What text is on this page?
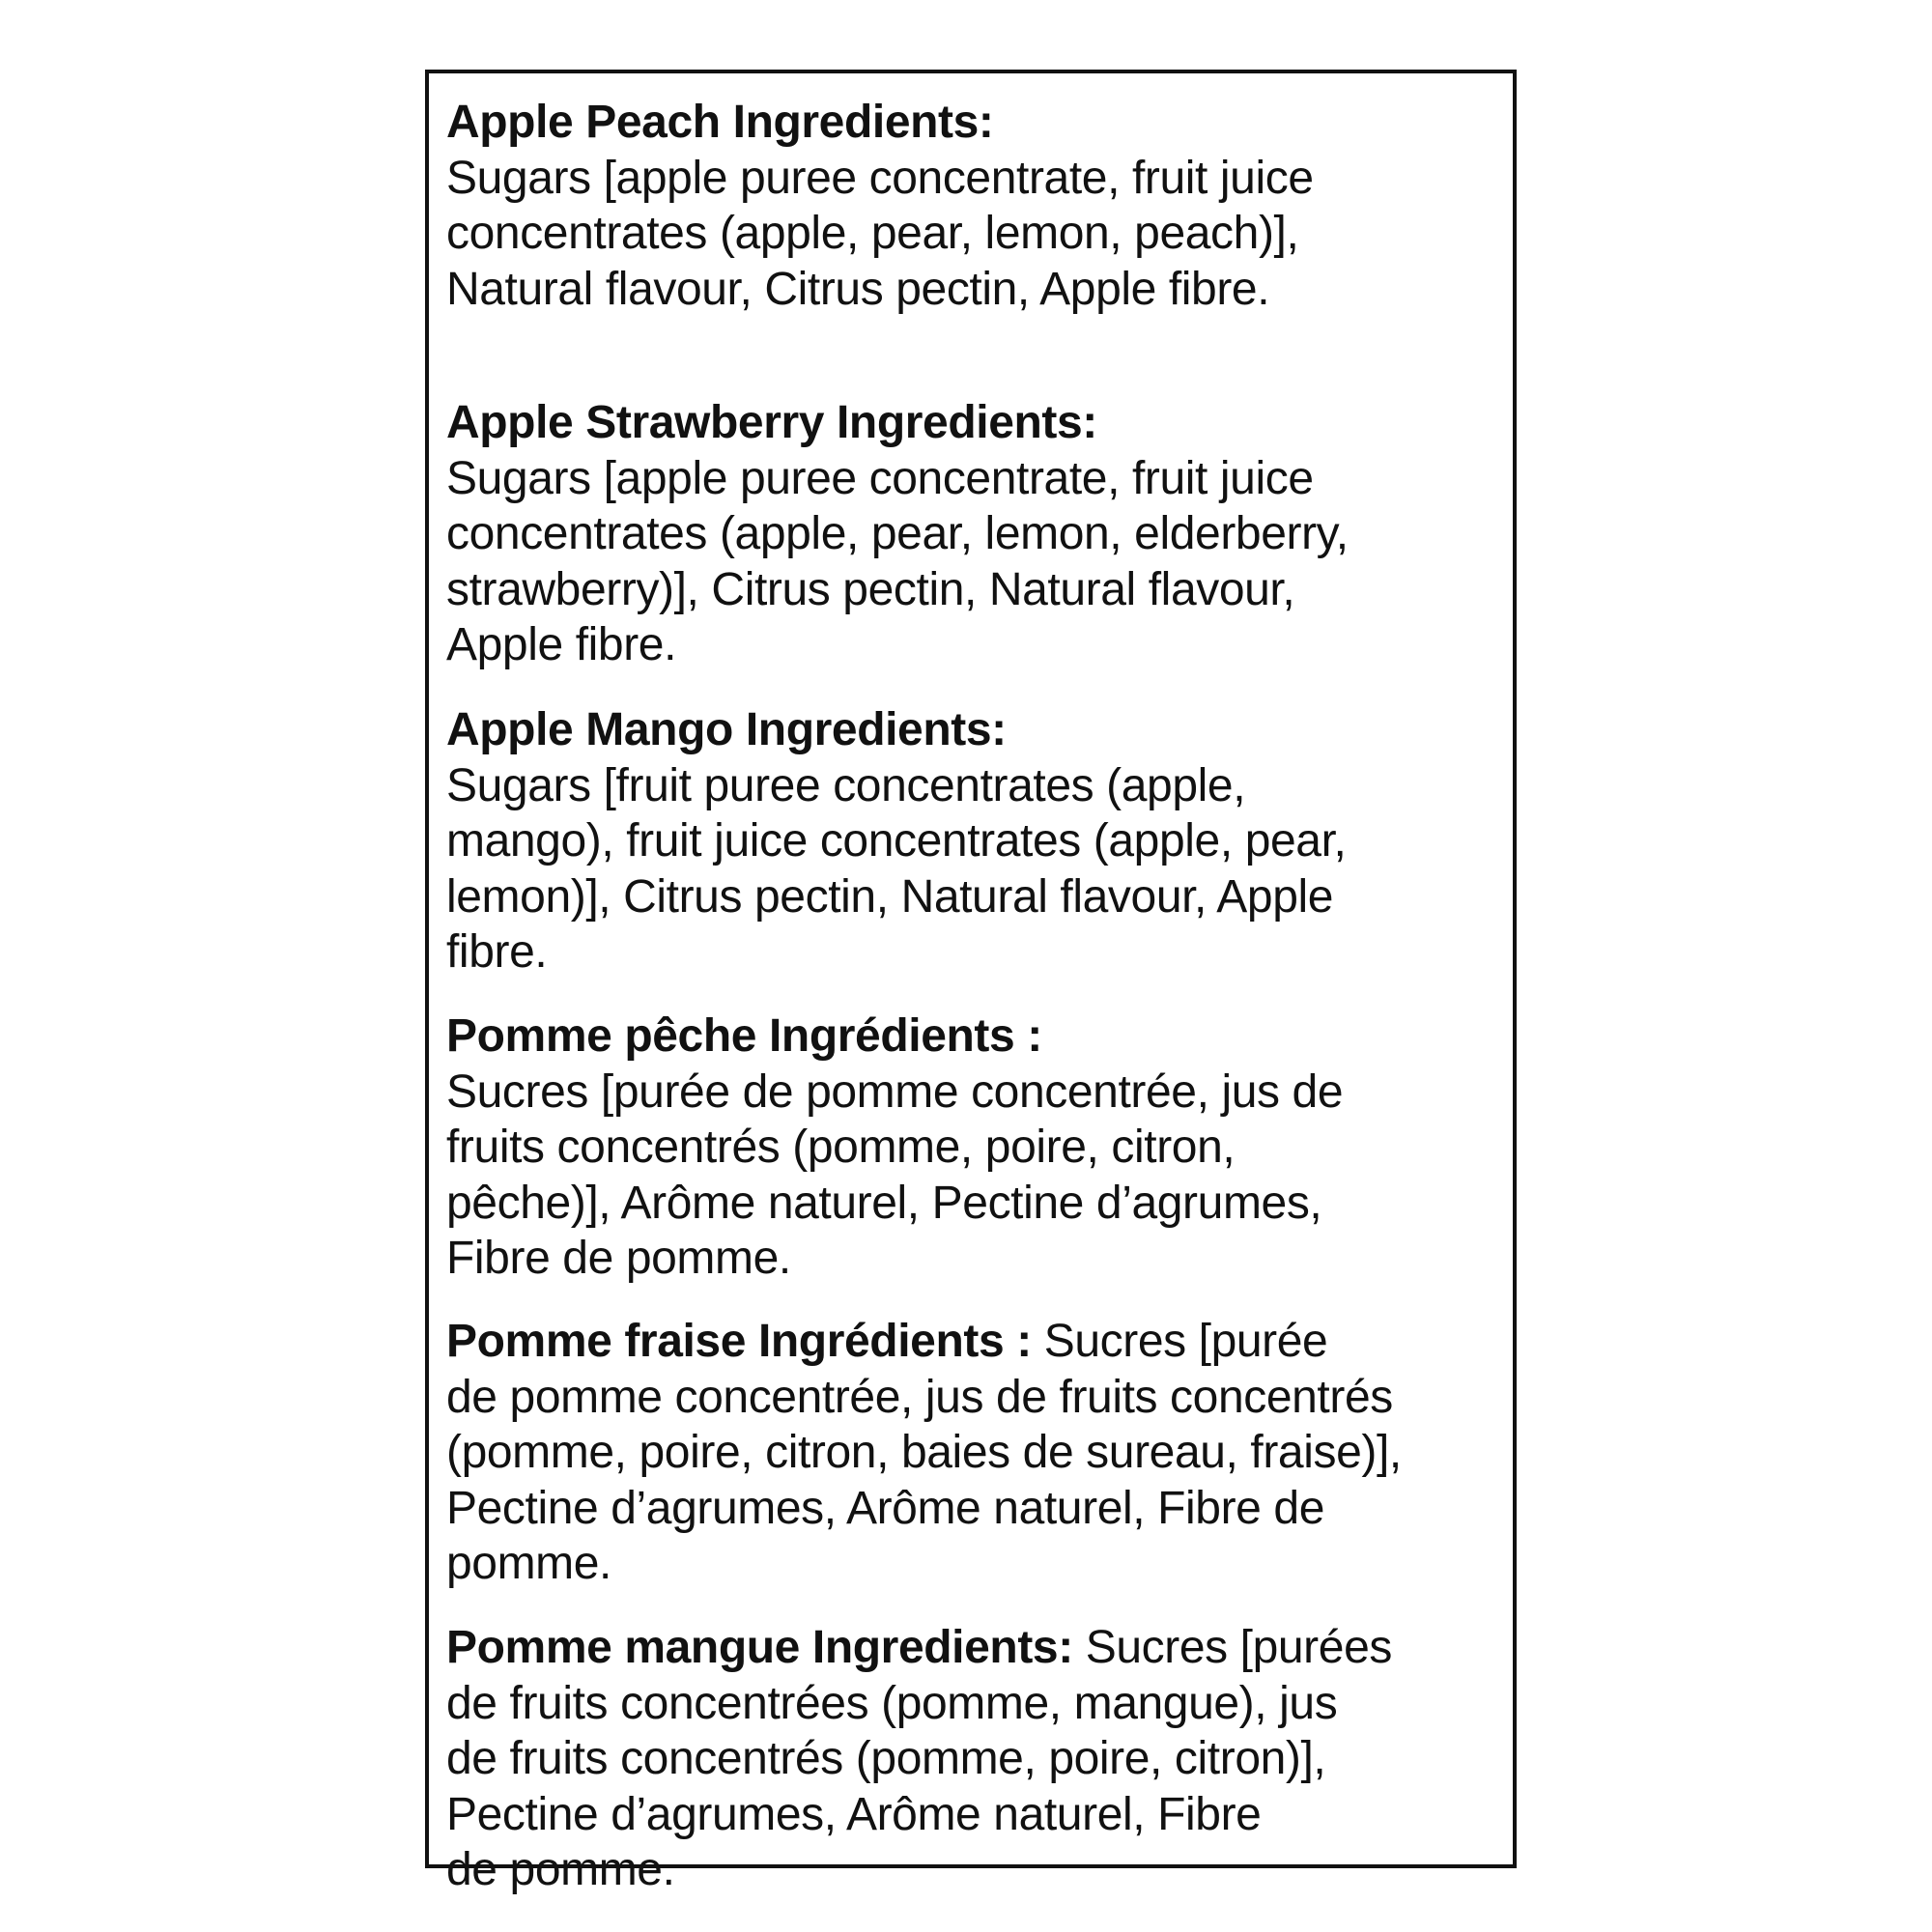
Apple Peach Ingredients:
Sugars [apple puree concentrate, fruit juice
concentrates (apple, pear, lemon, peach)],
Natural flavour, Citrus pectin, Apple fibre.
Apple Strawberry Ingredients:
Sugars [apple puree concentrate, fruit juice
concentrates (apple, pear, lemon, elderberry,
strawberry)], Citrus pectin, Natural flavour,
Apple fibre.
Apple Mango Ingredients:
Sugars [fruit puree concentrates (apple,
mango), fruit juice concentrates (apple, pear,
lemon)], Citrus pectin, Natural flavour, Apple
fibre.
Pomme pêche Ingrédients :
Sucres [purée de pomme concentrée, jus de
fruits concentrés (pomme, poire, citron,
pêche)], Arôme naturel, Pectine d’agrumes,
Fibre de pomme.
Pomme fraise Ingrédients : Sucres [purée
de pomme concentrée, jus de fruits concentrés
(pomme, poire, citron, baies de sureau, fraise)],
Pectine d’agrumes, Arôme naturel, Fibre de
pomme.
Pomme mangue Ingredients: Sucres [purées
de fruits concentrées (pomme, mangue), jus
de fruits concentrés (pomme, poire, citron)],
Pectine d’agrumes, Arôme naturel, Fibre
de pomme.
